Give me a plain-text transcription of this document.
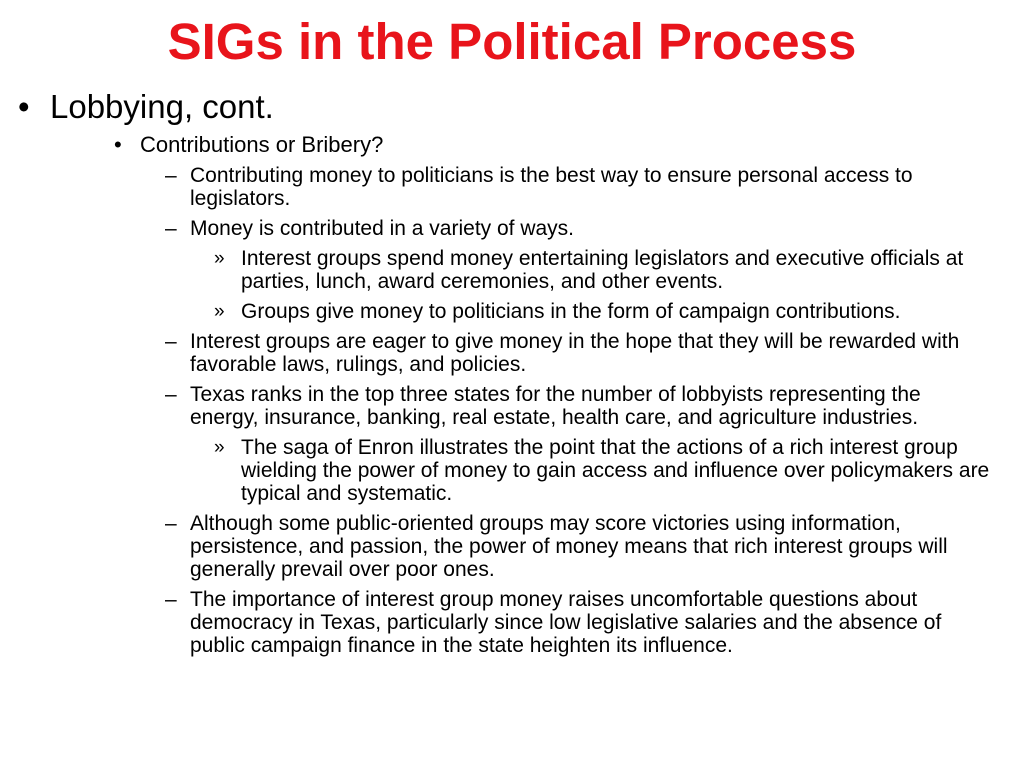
SIGs in the Political Process
• Lobbying, cont.
• Contributions or Bribery?
– Contributing money to politicians is the best way to ensure personal access to legislators.
– Money is contributed in a variety of ways.
» Interest groups spend money entertaining legislators and executive officials at parties, lunch, award ceremonies, and other events.
» Groups give money to politicians in the form of campaign contributions.
– Interest groups are eager to give money in the hope that they will be rewarded with favorable laws, rulings, and policies.
– Texas ranks in the top three states for the number of lobbyists representing the energy, insurance, banking, real estate, health care, and agriculture industries.
» The saga of Enron illustrates the point that the actions of a rich interest group wielding the power of money to gain access and influence over policymakers are typical and systematic.
– Although some public-oriented groups may score victories using information, persistence, and passion, the power of money means that rich interest groups will generally prevail over poor ones.
– The importance of interest group money raises uncomfortable questions about democracy in Texas, particularly since low legislative salaries and the absence of public campaign finance in the state heighten its influence.
